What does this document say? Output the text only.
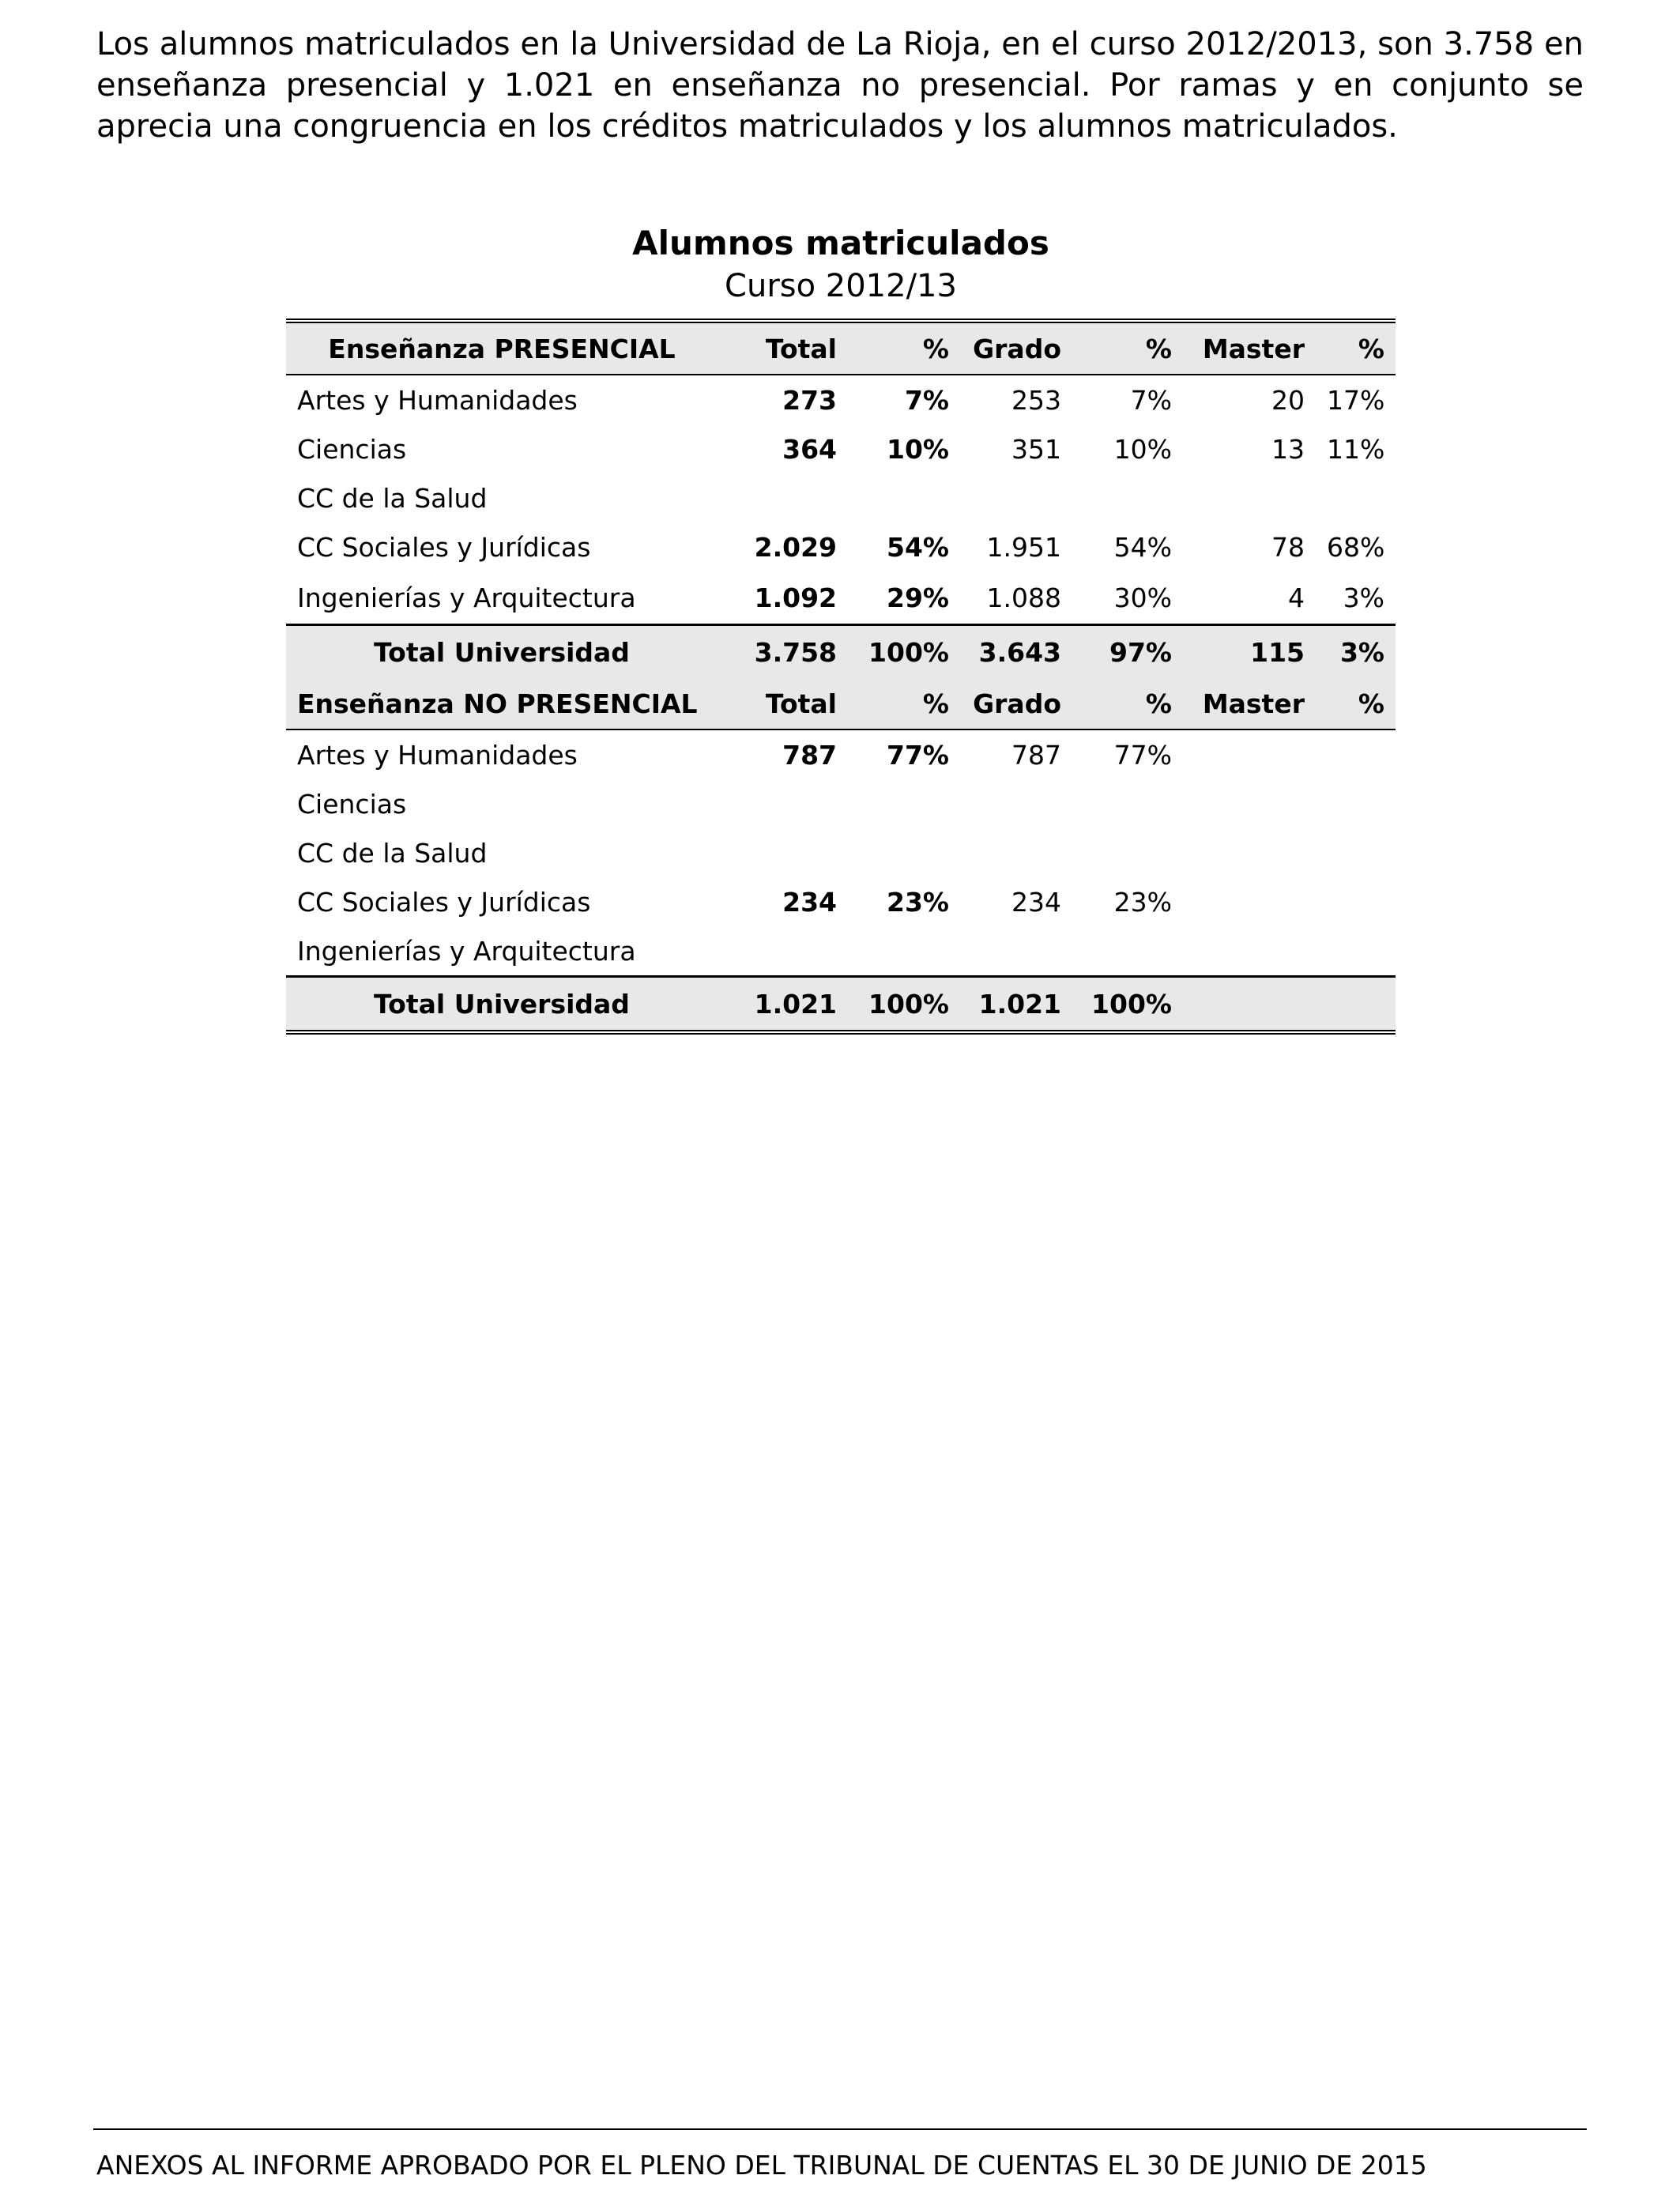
Los alumnos matriculados en la Universidad de La Rioja, en el curso 2012/2013, son 3.758 en enseñanza presencial y 1.021 en enseñanza no presencial. Por ramas y en conjunto se aprecia una congruencia en los créditos matriculados y los alumnos matriculados.

Alumnos matriculados
Curso 2012/13
Enseñanza PRESENCIAL	Total	%	Grado	%	Master	%
Artes y Humanidades	273	7%	253	7%	20	17%
Ciencias	364	10%	351	10%	13	11%
CC de la Salud						
CC Sociales y Jurídicas	2.029	54%	1.951	54%	78	68%
Ingenierías y Arquitectura	1.092	29%	1.088	30%	4	3%
Total Universidad	3.758	100%	3.643	97%	115	3%
Enseñanza NO PRESENCIAL	Total	%	Grado	%	Master	%
Artes y Humanidades	787	77%	787	77%		
Ciencias						
CC de la Salud						
CC Sociales y Jurídicas	234	23%	234	23%		
Ingenierías y Arquitectura						
Total Universidad	1.021	100%	1.021	100%		
ANEXOS AL INFORME APROBADO POR EL PLENO DEL TRIBUNAL DE CUENTAS EL 30 DE JUNIO DE 2015
